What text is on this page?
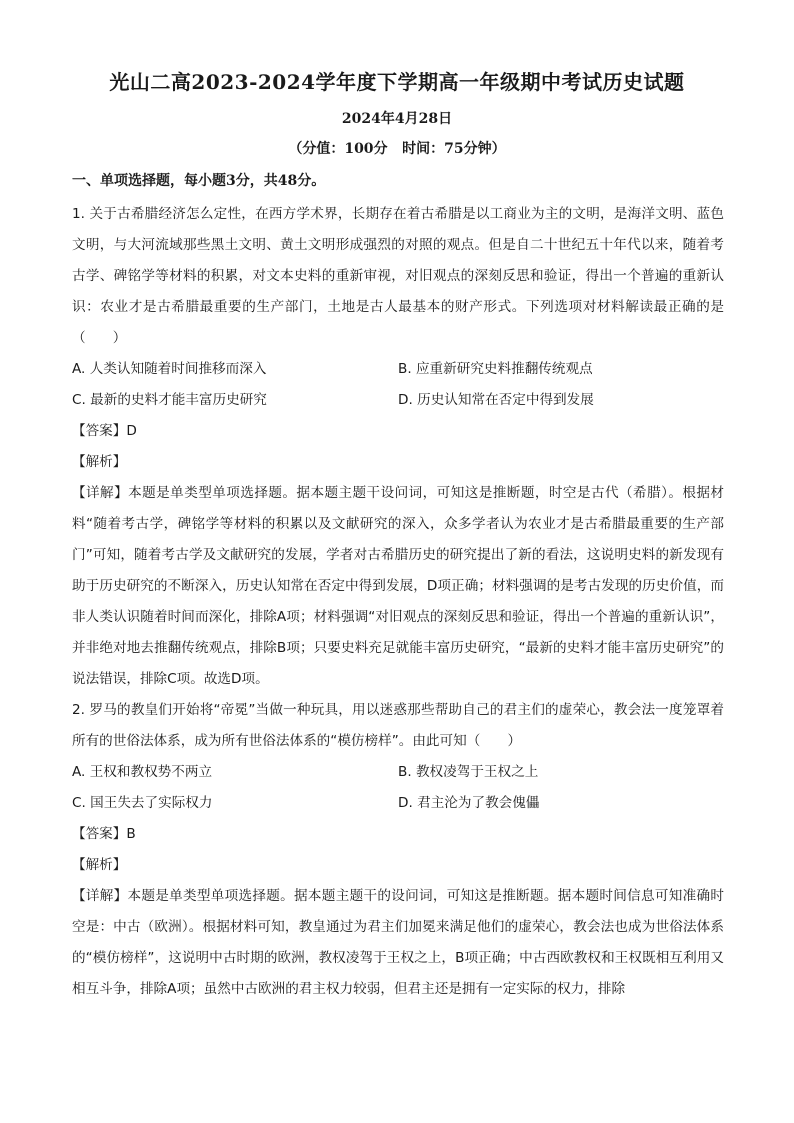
光山二高2023-2024学年度下学期高一年级期中考试历史试题
2024年4月28日
（分值：100分   时间：75分钟）
一、单项选择题，每小题3分，共48分。

1. 关于古希腊经济怎么定性，在西方学术界，长期存在着古希腊是以工商业为主的文明，是海洋文明、蓝色文明，与大河流域那些黑土文明、黄土文明形成强烈的对照的观点。但是自二十世纪五十年代以来，随着考古学、碑铭学等材料的积累，对文本史料的重新审视，对旧观点的深刻反思和验证，得出一个普遍的重新认识：农业才是古希腊最重要的生产部门，土地是古人最基本的财产形式。下列选项对材料解读最正确的是（　　）

A. 人类认知随着时间推移而深入	B. 应重新研究史料推翻传统观点
C. 最新的史料才能丰富历史研究	D. 历史认知常在否定中得到发展

【答案】D

【解析】

【详解】本题是单类型单项选择题。据本题主题干设问词，可知这是推断题，时空是古代（希腊）。根据材料“随着考古学，碑铭学等材料的积累以及文献研究的深入，众多学者认为农业才是古希腊最重要的生产部门”可知，随着考古学及文献研究的发展，学者对古希腊历史的研究提出了新的看法，这说明史料的新发现有助于历史研究的不断深入，历史认知常在否定中得到发展，D项正确；材料强调的是考古发现的历史价值，而非人类认识随着时间而深化，排除A项；材料强调“对旧观点的深刻反思和验证，得出一个普遍的重新认识”，并非绝对地去推翻传统观点，排除B项；只要史料充足就能丰富历史研究，“最新的史料才能丰富历史研究”的说法错误，排除C项。故选D项。

2. 罗马的教皇们开始将“帝冕”当做一种玩具，用以迷惑那些帮助自己的君主们的虚荣心，教会法一度笼罩着所有的世俗法体系，成为所有世俗法体系的“模仿榜样”。由此可知（　　）

A. 王权和教权势不两立	B. 教权凌驾于王权之上
C. 国王失去了实际权力	D. 君主沦为了教会傀儡

【答案】B

【解析】

【详解】本题是单类型单项选择题。据本题主题干的设问词，可知这是推断题。据本题时间信息可知准确时空是：中古（欧洲）。根据材料可知，教皇通过为君主们加冕来满足他们的虚荣心，教会法也成为世俗法体系的“模仿榜样”，这说明中古时期的欧洲，教权凌驾于王权之上，B项正确；中古西欧教权和王权既相互利用又相互斗争，排除A项；虽然中古欧洲的君主权力较弱，但君主还是拥有一定实际的权力，排除
